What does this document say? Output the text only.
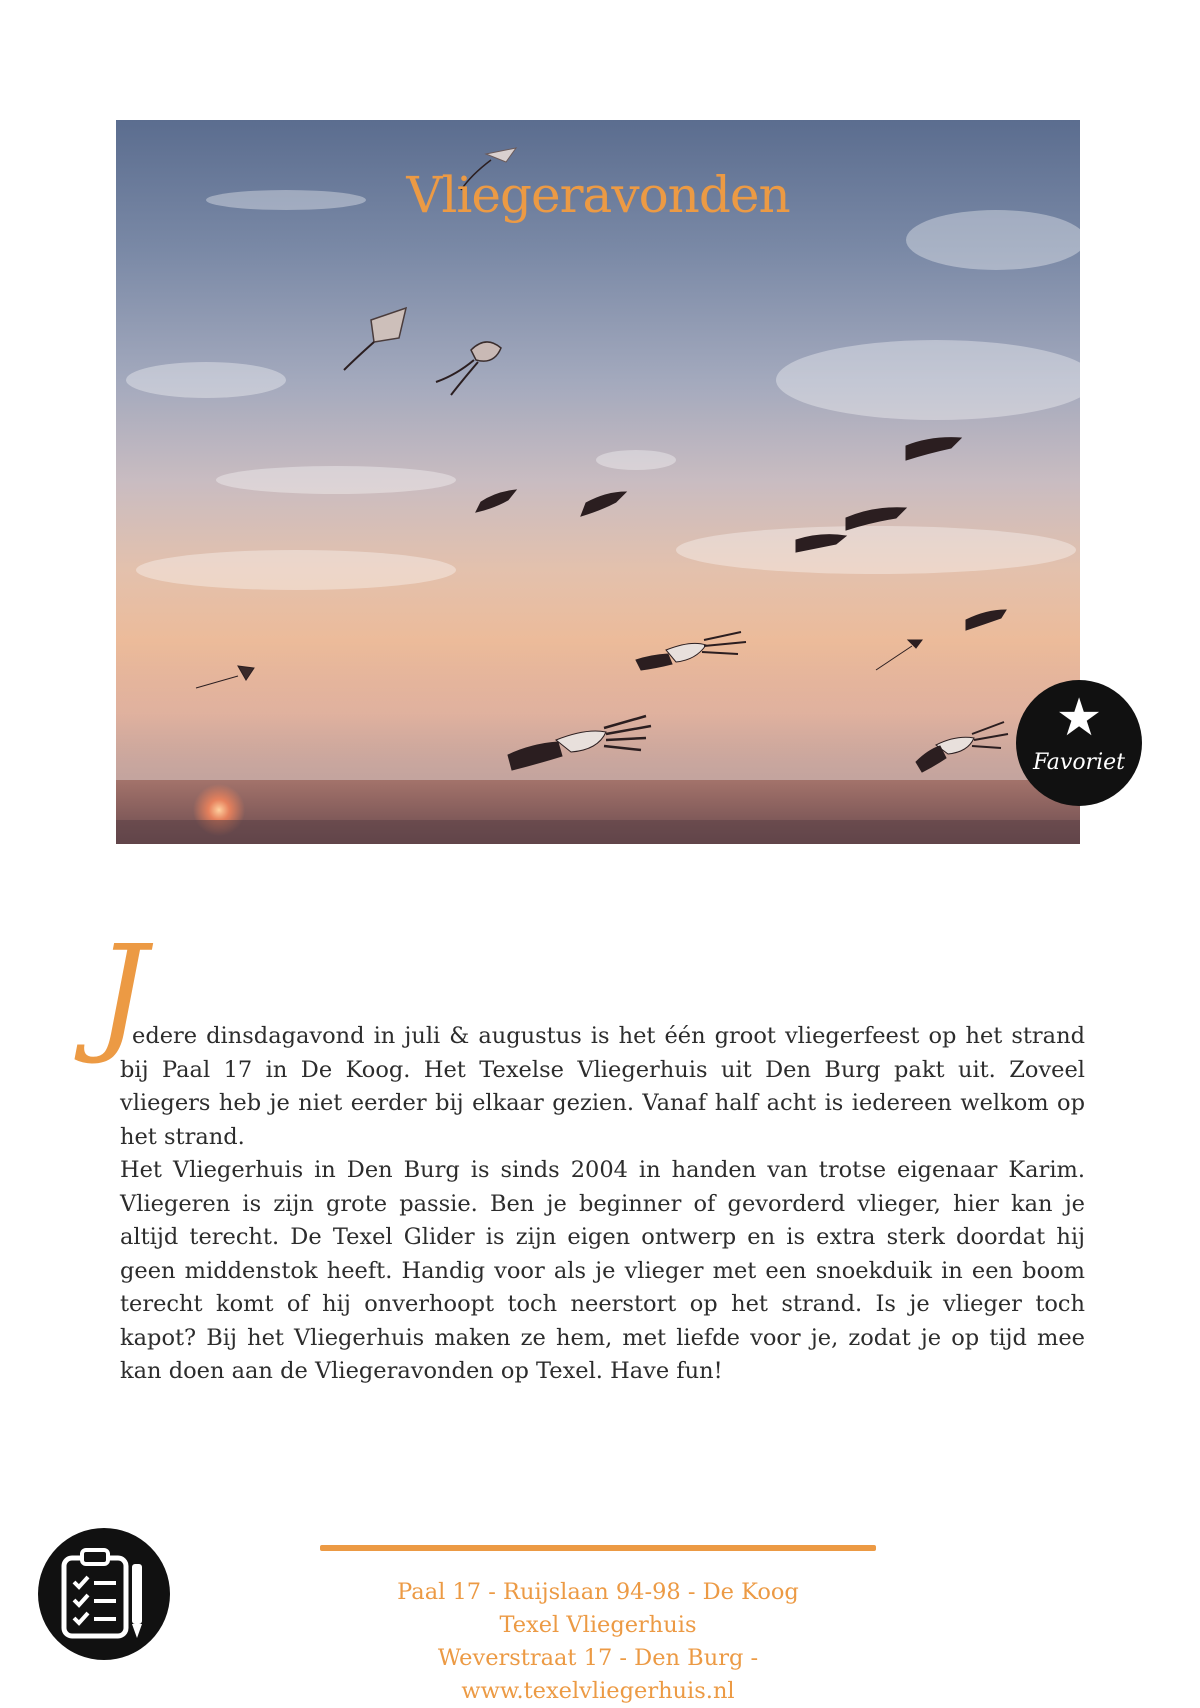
Vliegeravonden
★
Favoriet
J

edere dinsdagavond in juli & augustus is het één groot vliegerfeest op het strand bij Paal 17 in De Koog. Het Texelse Vliegerhuis uit Den Burg pakt uit. Zoveel vliegers heb je niet eerder bij elkaar gezien. Vanaf half acht is iedereen welkom op het strand.

Het Vliegerhuis in Den Burg is sinds 2004 in handen van trotse eigenaar Karim. Vliegeren is zijn grote passie. Ben je beginner of gevorderd vlieger, hier kan je altijd terecht. De Texel Glider is zijn eigen ontwerp en is extra sterk doordat hij geen middenstok heeft. Handig voor als je vlieger met een snoekduik in een boom terecht komt of hij onverhoopt toch neerstort op het strand. Is je vlieger toch kapot? Bij het Vliegerhuis maken ze hem, met liefde voor je, zodat je op tijd mee kan doen aan de Vliegeravonden op Texel. Have fun!

Paal 17 - Ruijslaan 94-98 - De Koog
Texel Vliegerhuis
Weverstraat 17 - Den Burg - www.texelvliegerhuis.nl
